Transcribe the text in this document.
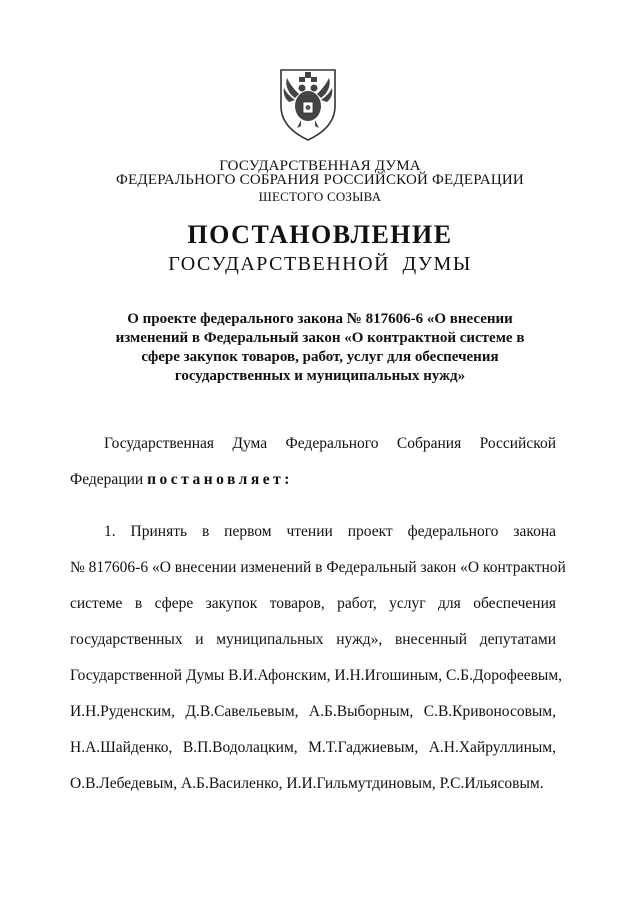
ГОСУДАРСТВЕННАЯ ДУМА
ФЕДЕРАЛЬНОГО СОБРАНИЯ РОССИЙСКОЙ ФЕДЕРАЦИИ
ШЕСТОГО СОЗЫВА
ПОСТАНОВЛЕНИЕ
ГОСУДАРСТВЕННОЙ ДУМЫ
О проекте федерального закона № 817606-6 «О внесении
изменений в Федеральный закон «О контрактной системе в
сфере закупок товаров, работ, услуг для обеспечения
государственных и муниципальных нужд»
Государственная Дума Федерального Собрания Российской
Федерации постановляет:
1. Принять в первом чтении проект федерального закона
№ 817606-6 «О внесении изменений в Федеральный закон «О контрактной
системе в сфере закупок товаров, работ, услуг для обеспечения
государственных и муниципальных нужд», внесенный депутатами
Государственной Думы В.И.Афонским, И.Н.Игошиным, С.Б.Дорофеевым,
И.Н.Руденским, Д.В.Савельевым, А.Б.Выборным, С.В.Кривоносовым,
Н.А.Шайденко, В.П.Водолацким, М.Т.Гаджиевым, А.Н.Хайруллиным,
О.В.Лебедевым, А.Б.Василенко, И.И.Гильмутдиновым, Р.С.Ильясовым.
